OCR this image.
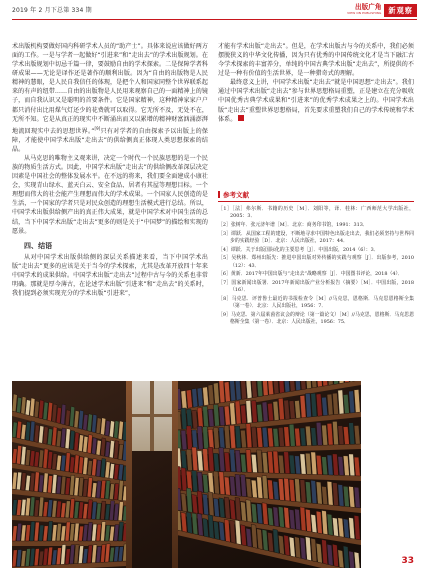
2019 年 2 月下总第 334 期	出版广角
VIEW ON PUBLISHING 新观察

术出版机构要做好国内科研学术人员的“助产士”。具体来说应该做好两方面的工作。一是与学者一起做好“引进来”和“走出去”的学术出版规划。在学术出版规划中切忌千篇一律，要鼓励自由的学术探索。二是保障学者科研成果——无论是译作还是著作的顺利出版。因为“自由的出版物是人民精神的慧眼，是人民自我信任的体现，是把个人和国家同整个世界联系起来的有声的纽带……自由的出版物是人民用来观察自己的一面精神上的镜子，而自我认识又是聪明的首要条件。它是国家精神，这种精神家家户户都只消付出比用煤气灯还少的花费就可以取得。它无所不及，无处不在，无所不知。它是从真正的现实中不断涌出而又以累增的精神财富汹涌澎湃地流回现实中去的思想世界。”[9]只有对学者的自由探索予以出版上的保障，才能使中国学术出版“走出去”的供给侧真正体现人类思想探索的结晶。

从马克思的唯物主义观来讲，决定一个时代一个民族思想的是一个民族的物质生活方式。因此，中国学术出版“走出去”的供给侧改革深层决定因素是中国社会的整体发展水平。在不远的将来，我们要全面建成小康社会，实现青山绿水、蓝天白云、安全食品、居者有其屋等理想目标。一个理想而伟大的社会能产生理想而伟大的学术成果。一个国家人民创造的是生活，一个国家的学者只是对民众创造的理想生活模式进行总结。所以，中国学术出版供给侧产出的真正伟大成果，就是中国学术对中国生活的总结，当下中国学术出版“走出去”更多的则是关于“中国梦”的描绘和实现的愿景。

四、结语

从对中国学术出版供给侧的深层关系描述来看，当下中国学术出版“走出去”更多的应该是关于当今的学术探索，尤其是改革开放四十年来中国学术的成果供给。中国学术出版“走出去”过程中古与今的关系也非常明确。那就是厚今薄古，在论述学术出版“引进来”和“走出去”的关系时，我们提到必须实现充分的学术出版“引进来”，

才能有学术出版“走出去”。但是，在学术出版古与今的关系中，我们必须摆脱狭义的中华文化传播，因为只有优秀的中国传统文化才是当下融汇古今学术探索的丰富养分，单纯的中国古典学术出版“走出去”，所提供的不过是一种有价值的生活世界，是一种猎奇式的理解。

最终意义上讲，中国学术出版“走出去”就是中国思想“走出去”。我们通过中国学术出版“走出去”参与世界思想格局重塑，正是建立在充分吸收中国优秀古典学术成果和“引进来”的优秀学术成果之上的。中国学术出版“走出去”重塑世界思想格局，首先要求重塑我们自己的学术传统和学术体系。

参考文献
［1］［法］弗尔斯．书籍的历史［M］．刘阳等，译．桂林：广西师范大学出版社，2005：3．
［2］张树年．张元济年谱［M］．北京：商务印书馆，1991：313．
［3］谭跃．从国家工程的建设，不断地寻求中国特色出版走出去，我们必须坚持与世界同步的实践经验［D］．北京：人民出版社，2017：44．
［4］谭跃．关于出版国际化的主要思考［J］．中国出版，2014（6）：3．
［5］吴秋林．郑州出版先：推进中国出版对外传播的实践与观察［J］．出版参考，2010（12）：43．
［6］黄新．2017年中国出版与“走出去”战略观察［J］．中国图书评论，2018（4）．
［7］国家新闻出版署．2017年新闻出版产业分析报告（摘要）［M］．中国出版，2018（16）．
［8］马克思．评普鲁士最近的书报检查令［M］//马克思，恩格斯．马克思恩格斯全集（第一卷）．北京：人民出版社，1956：7．
［9］马克思．第六届莱茵省议会的辩论（第一篇论文）［M］//马克思，恩格斯．马克思恩格斯全集（第一卷）．北京：人民出版社，1956：75．
33
